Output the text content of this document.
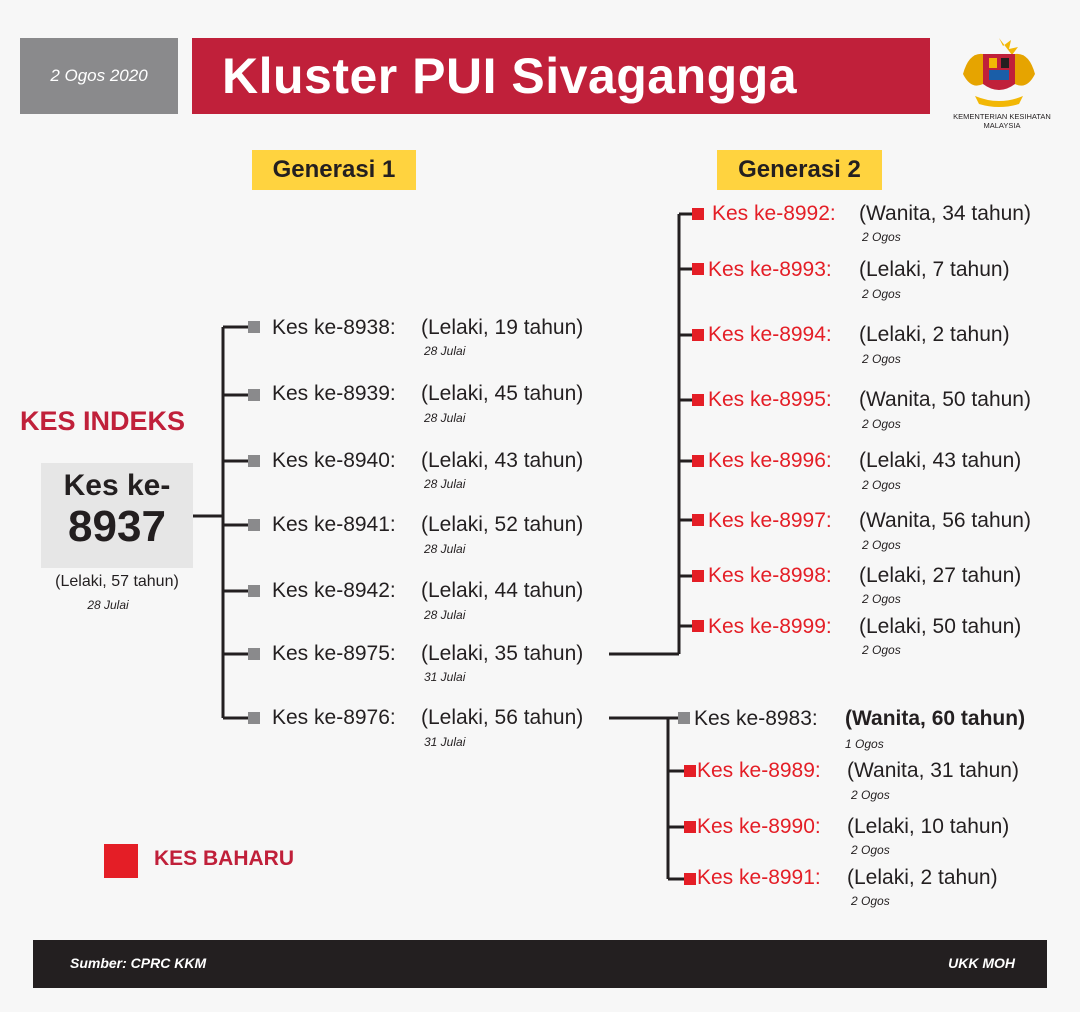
2 Ogos 2020	Kluster PUI Sivagangga
KEMENTERIAN KESIHATAN
MALAYSIA
Generasi 1	Generasi 2
KES INDEKS
Kes ke-
8937
(Lelaki, 57 tahun)
28 Julai
Kes ke-8938: (Lelaki, 19 tahun)
28 Julai
Kes ke-8939: (Lelaki, 45 tahun)
28 Julai
Kes ke-8940: (Lelaki, 43 tahun)
28 Julai
Kes ke-8941: (Lelaki, 52 tahun)
28 Julai
Kes ke-8942: (Lelaki, 44 tahun)
28 Julai
Kes ke-8975: (Lelaki, 35 tahun)
31 Julai
Kes ke-8976: (Lelaki, 56 tahun)
31 Julai
Kes ke-8992: (Wanita, 34 tahun)
2 Ogos
Kes ke-8993: (Lelaki, 7 tahun)
2 Ogos
Kes ke-8994: (Lelaki, 2 tahun)
2 Ogos
Kes ke-8995: (Wanita, 50 tahun)
2 Ogos
Kes ke-8996: (Lelaki, 43 tahun)
2 Ogos
Kes ke-8997: (Wanita, 56 tahun)
2 Ogos
Kes ke-8998: (Lelaki, 27 tahun)
2 Ogos
Kes ke-8999: (Lelaki, 50 tahun)
2 Ogos
Kes ke-8983: (Wanita, 60 tahun)
1 Ogos
Kes ke-8989: (Wanita, 31 tahun)
2 Ogos
Kes ke-8990: (Lelaki, 10 tahun)
2 Ogos
Kes ke-8991: (Lelaki, 2 tahun)
2 Ogos
KES BAHARU
Sumber: CPRC KKM	UKK MOH
